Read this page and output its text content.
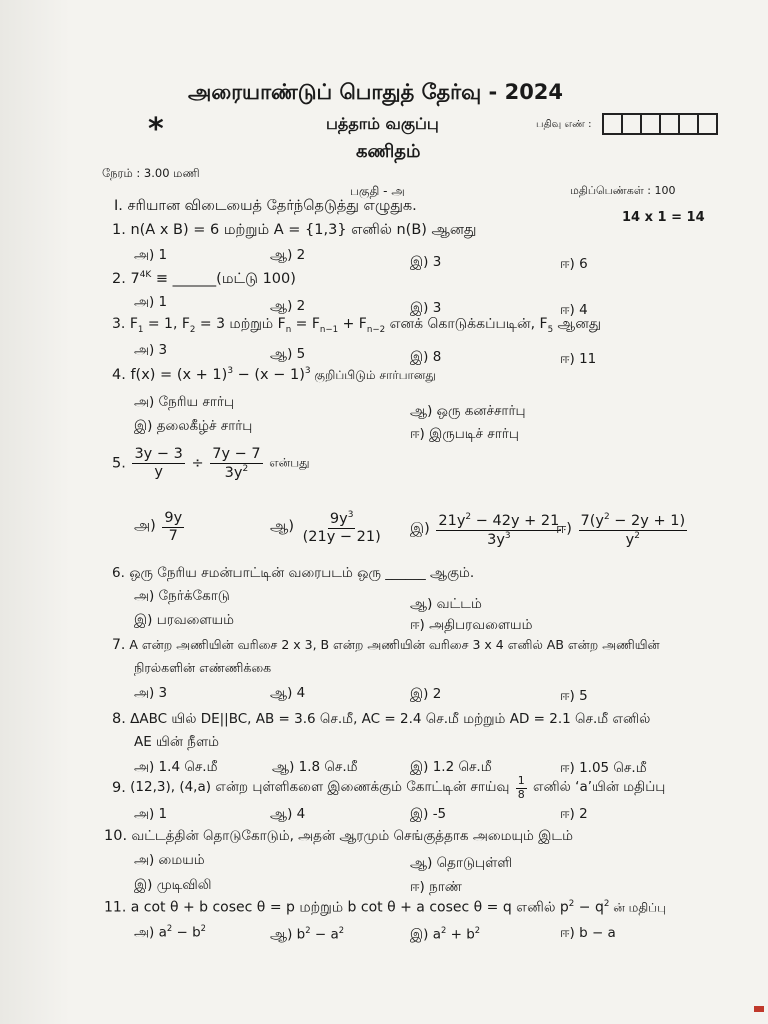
அரையாண்டுப் பொதுத் தேர்வு - 2024
*	பத்தாம் வகுப்பு	பதிவு எண் :
கணிதம்
நேரம் : 3.00 மணி
பகுதி - அ	மதிப்பெண்கள் : 100
I. சரியான விடையைத் தேர்ந்தெடுத்து எழுதுக.
14 x 1 = 14
1. n(A x B) = 6 மற்றும் A = {1,3} எனில் n(B) ஆனது
அ) 1	ஆ) 2	இ) 3	ஈ) 6
2. $7^{4K}$ ≡ ______(மட்டு 100)
அ) 1	ஆ) 2	இ) 3	ஈ) 4
3. $F_1 = 1$, $F_2 = 3$ மற்றும் $F_n = F_{n-1} + F_{n-2}$ எனக் கொடுக்கப்படின், $F_5$ ஆனது
அ) 3	ஆ) 5	இ) 8	ஈ) 11
4. $f(x) = (x + 1)^3 - (x - 1)^3$ குறிப்பிடும் சார்பானது
அ) நேரிய சார்பு
ஆ) ஒரு கனச்சார்பு
இ) தலைகீழ்ச் சார்பு	ஈ) இருபடிச் சார்பு
5. $\frac{3y - 3}{y} \div \frac{7y - 7}{3y^2}$ என்பது
அ) $\frac{9y}{7}$	ஆ) $\frac{9y^3}{(21y - 21)}$ இ) $\frac{21y^2 - 42y + 21}{3y^3}$
ஈ) $\frac{7(y^2 - 2y + 1)}{y^2}$
6. ஒரு நேரிய சமன்பாட்டின் வரைபடம் ஒரு ______ ஆகும்.
அ) நேர்க்கோடு	ஆ) வட்டம்
இ) பரவளையம்	ஈ) அதிபரவளையம்
7. A என்ற அணியின் வரிசை 2 x 3, B என்ற அணியின் வரிசை 3 x 4 எனில் AB என்ற அணியின்
நிரல்களின் எண்ணிக்கை
அ) 3	ஆ) 4	இ) 2	ஈ) 5
8. ΔABC யில் DE||BC, AB = 3.6 செ.மீ, AC = 2.4 செ.மீ மற்றும் AD = 2.1 செ.மீ எனில்
AE யின் நீளம்
அ) 1.4 செ.மீ	ஆ) 1.8 செ.மீ	இ) 1.2 செ.மீ	ஈ) 1.05 செ.மீ
9. (12,3), (4,a) என்ற புள்ளிகளை இணைக்கும் கோட்டின் சாய்வு $\frac{1}{8}$ எனில் ‘a’யின் மதிப்பு
அ) 1	ஆ) 4	இ) -5	ஈ) 2
10. வட்டத்தின் தொடுகோடும், அதன் ஆரமும் செங்குத்தாக அமையும் இடம்
அ) மையம்	ஆ) தொடுபுள்ளி
இ) முடிவிலி	ஈ) நாண்
11. a cot θ + b cosec θ = p மற்றும் b cot θ + a cosec θ = q எனில் $p^2 - q^2$ ன் மதிப்பு
அ) $a^2 - b^2$	ஆ) $b^2 - a^2$	இ) $a^2 + b^2$	ஈ) b − a
